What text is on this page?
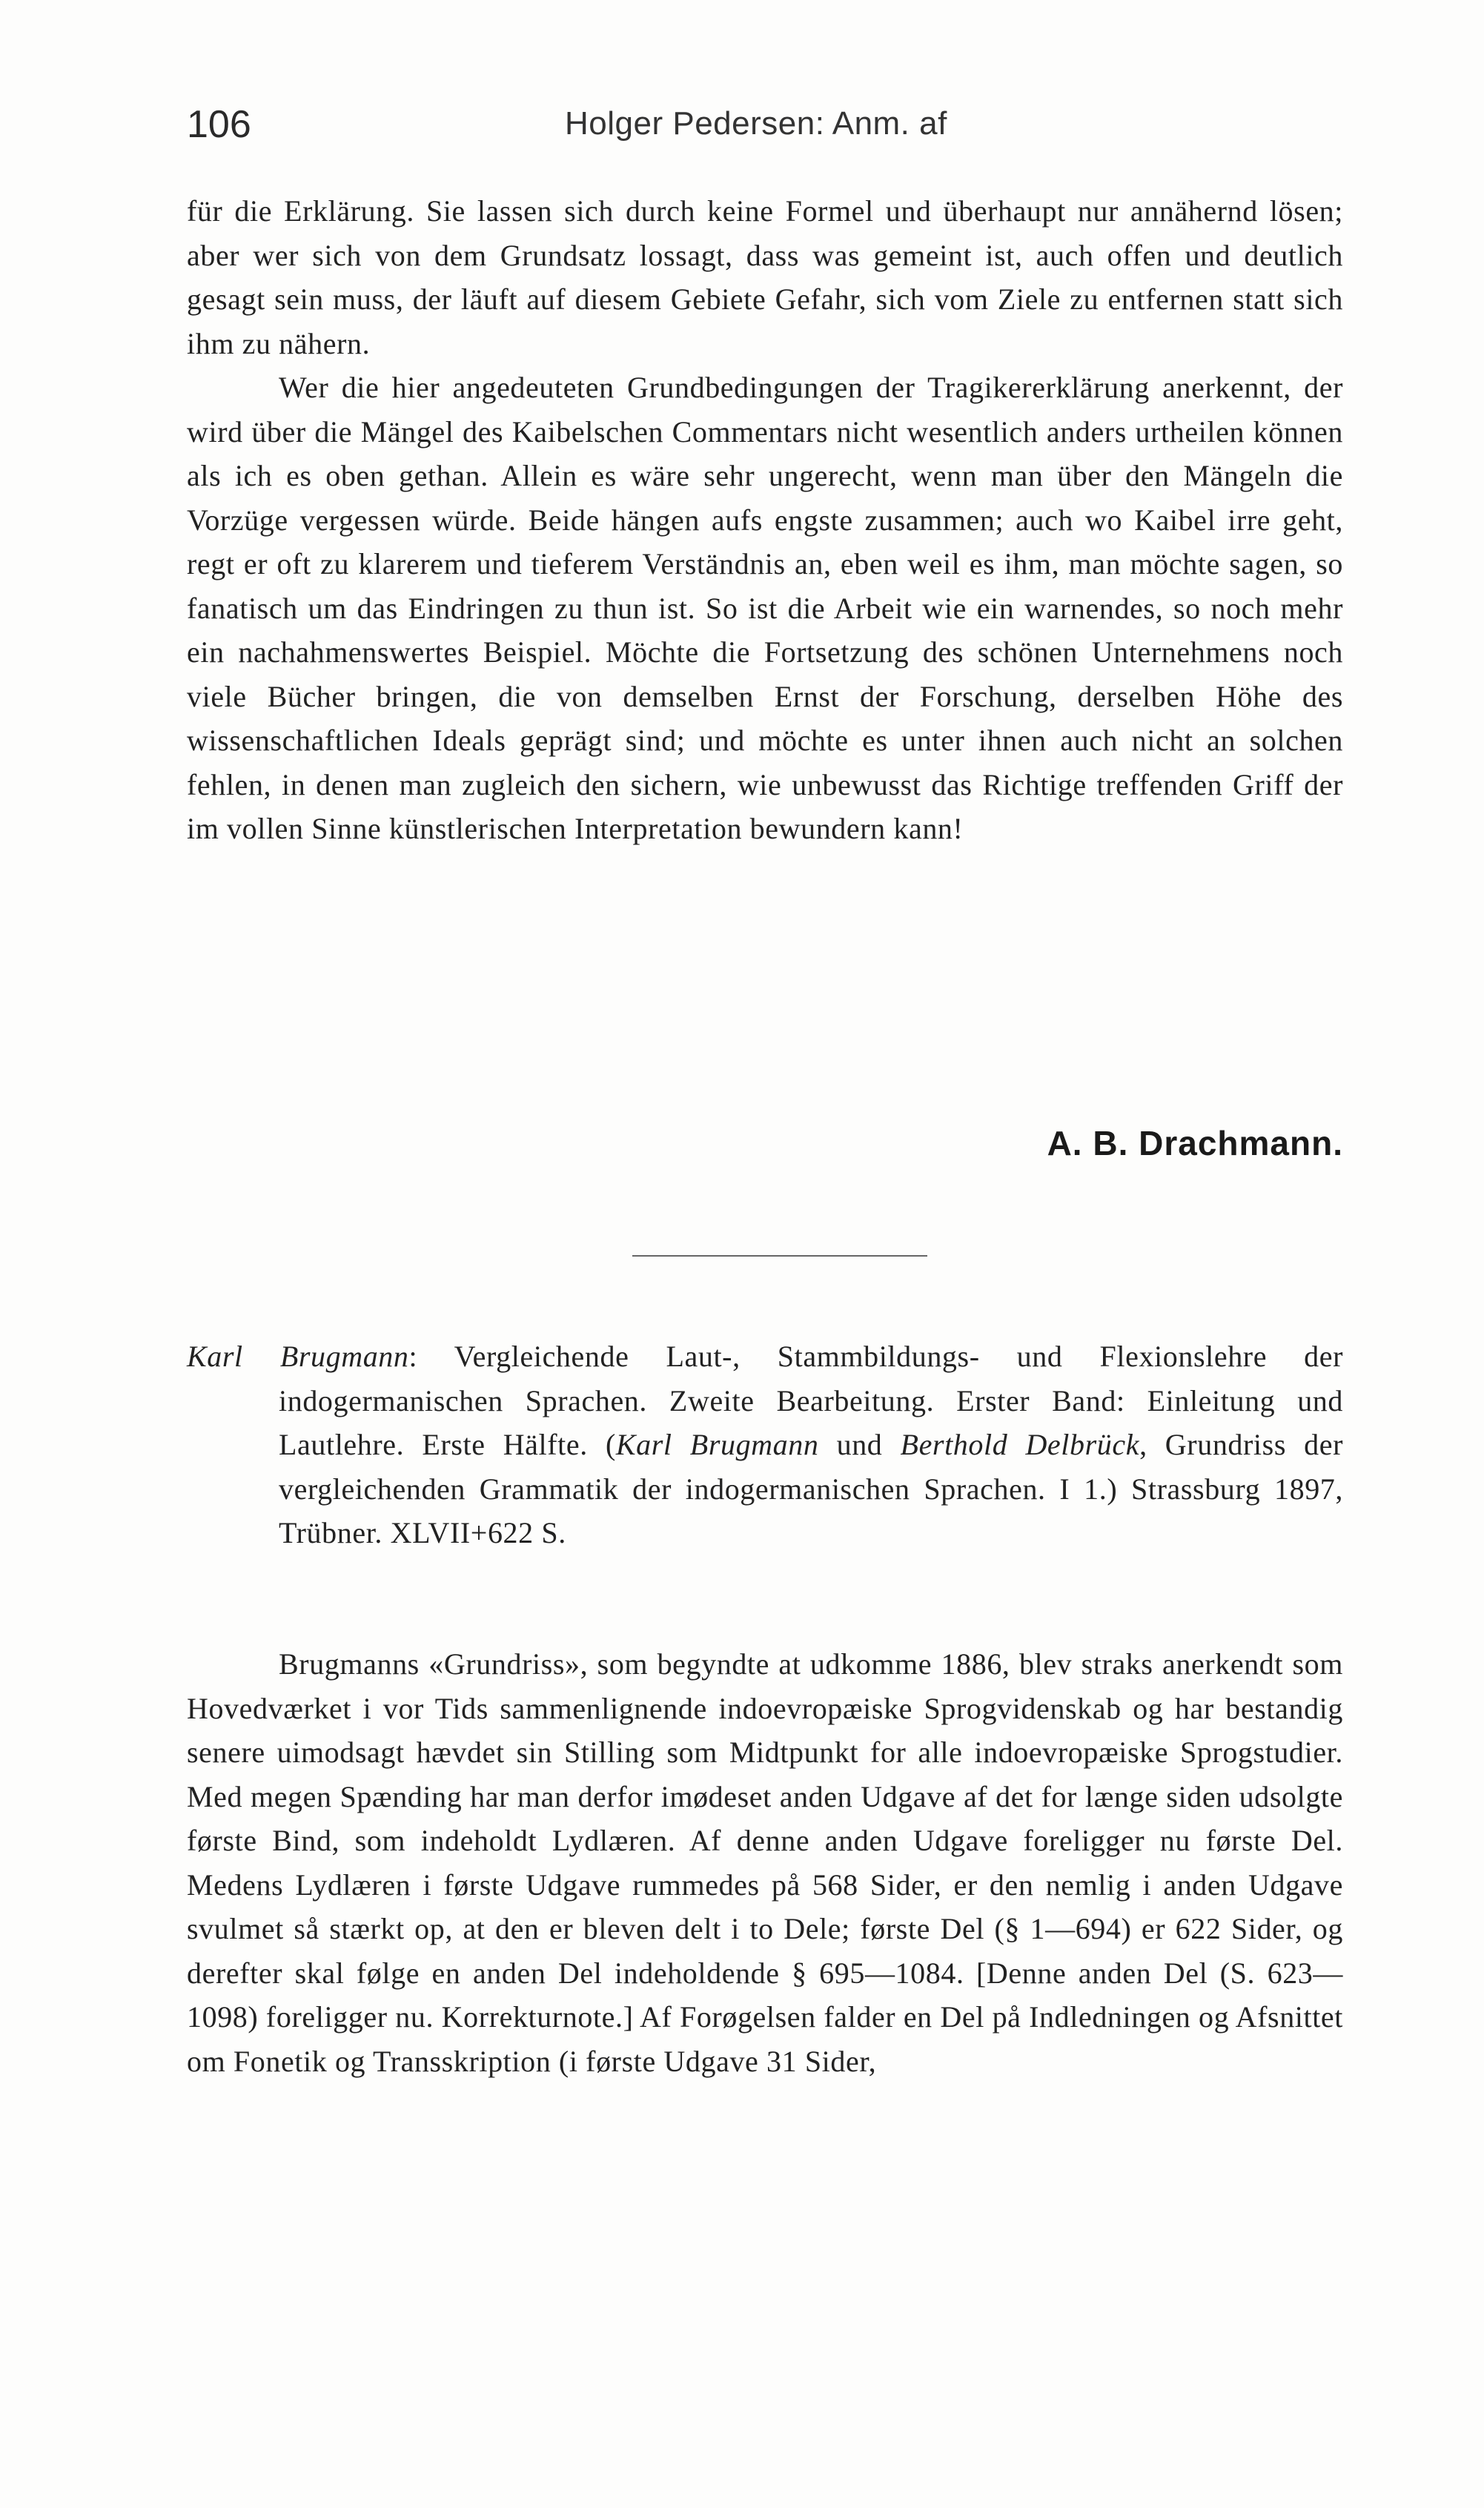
106	Holger Pedersen: Anm. af

für die Erklärung. Sie lassen sich durch keine Formel und überhaupt nur annähernd lösen; aber wer sich von dem Grundsatz lossagt, dass was gemeint ist, auch offen und deutlich gesagt sein muss, der läuft auf diesem Gebiete Gefahr, sich vom Ziele zu entfernen statt sich ihm zu nähern.

Wer die hier angedeuteten Grundbedingungen der Tragikererklärung anerkennt, der wird über die Mängel des Kaibelschen Commentars nicht wesentlich anders urtheilen können als ich es oben gethan. Allein es wäre sehr ungerecht, wenn man über den Mängeln die Vorzüge vergessen würde. Beide hängen aufs engste zusammen; auch wo Kaibel irre geht, regt er oft zu klarerem und tieferem Verständnis an, eben weil es ihm, man möchte sagen, so fanatisch um das Eindringen zu thun ist. So ist die Arbeit wie ein warnendes, so noch mehr ein nachahmenswertes Beispiel. Möchte die Fortsetzung des schönen Unternehmens noch viele Bücher bringen, die von demselben Ernst der Forschung, derselben Höhe des wissenschaftlichen Ideals geprägt sind; und möchte es unter ihnen auch nicht an solchen fehlen, in denen man zugleich den sichern, wie unbewusst das Richtige treffenden Griff der im vollen Sinne künstlerischen Interpretation bewundern kann!

A. B. Drachmann.
Karl Brugmann: Vergleichende Laut-, Stammbildungs- und Flexionslehre der indogermanischen Sprachen. Zweite Bearbeitung. Erster Band: Einleitung und Lautlehre. Erste Hälfte. (Karl Brugmann und Berthold Delbrück, Grundriss der vergleichenden Grammatik der indogermanischen Sprachen. I 1.) Strassburg 1897, Trübner. XLVII+622 S.

Brugmanns «Grundriss», som begyndte at udkomme 1886, blev straks anerkendt som Hovedværket i vor Tids sammenlignende indoevropæiske Sprogvidenskab og har bestandig senere uimodsagt hævdet sin Stilling som Midtpunkt for alle indoevropæiske Sprogstudier. Med megen Spænding har man derfor imødeset anden Udgave af det for længe siden udsolgte første Bind, som indeholdt Lydlæren. Af denne anden Udgave foreligger nu første Del. Medens Lydlæren i første Udgave rummedes på 568 Sider, er den nemlig i anden Udgave svulmet så stærkt op, at den er bleven delt i to Dele; første Del (§ 1—694) er 622 Sider, og derefter skal følge en anden Del indeholdende § 695—1084. [Denne anden Del (S. 623—1098) foreligger nu. Korrekturnote.] Af Forøgelsen falder en Del på Indledningen og Afsnittet om Fonetik og Transskription (i første Udgave 31 Sider,
